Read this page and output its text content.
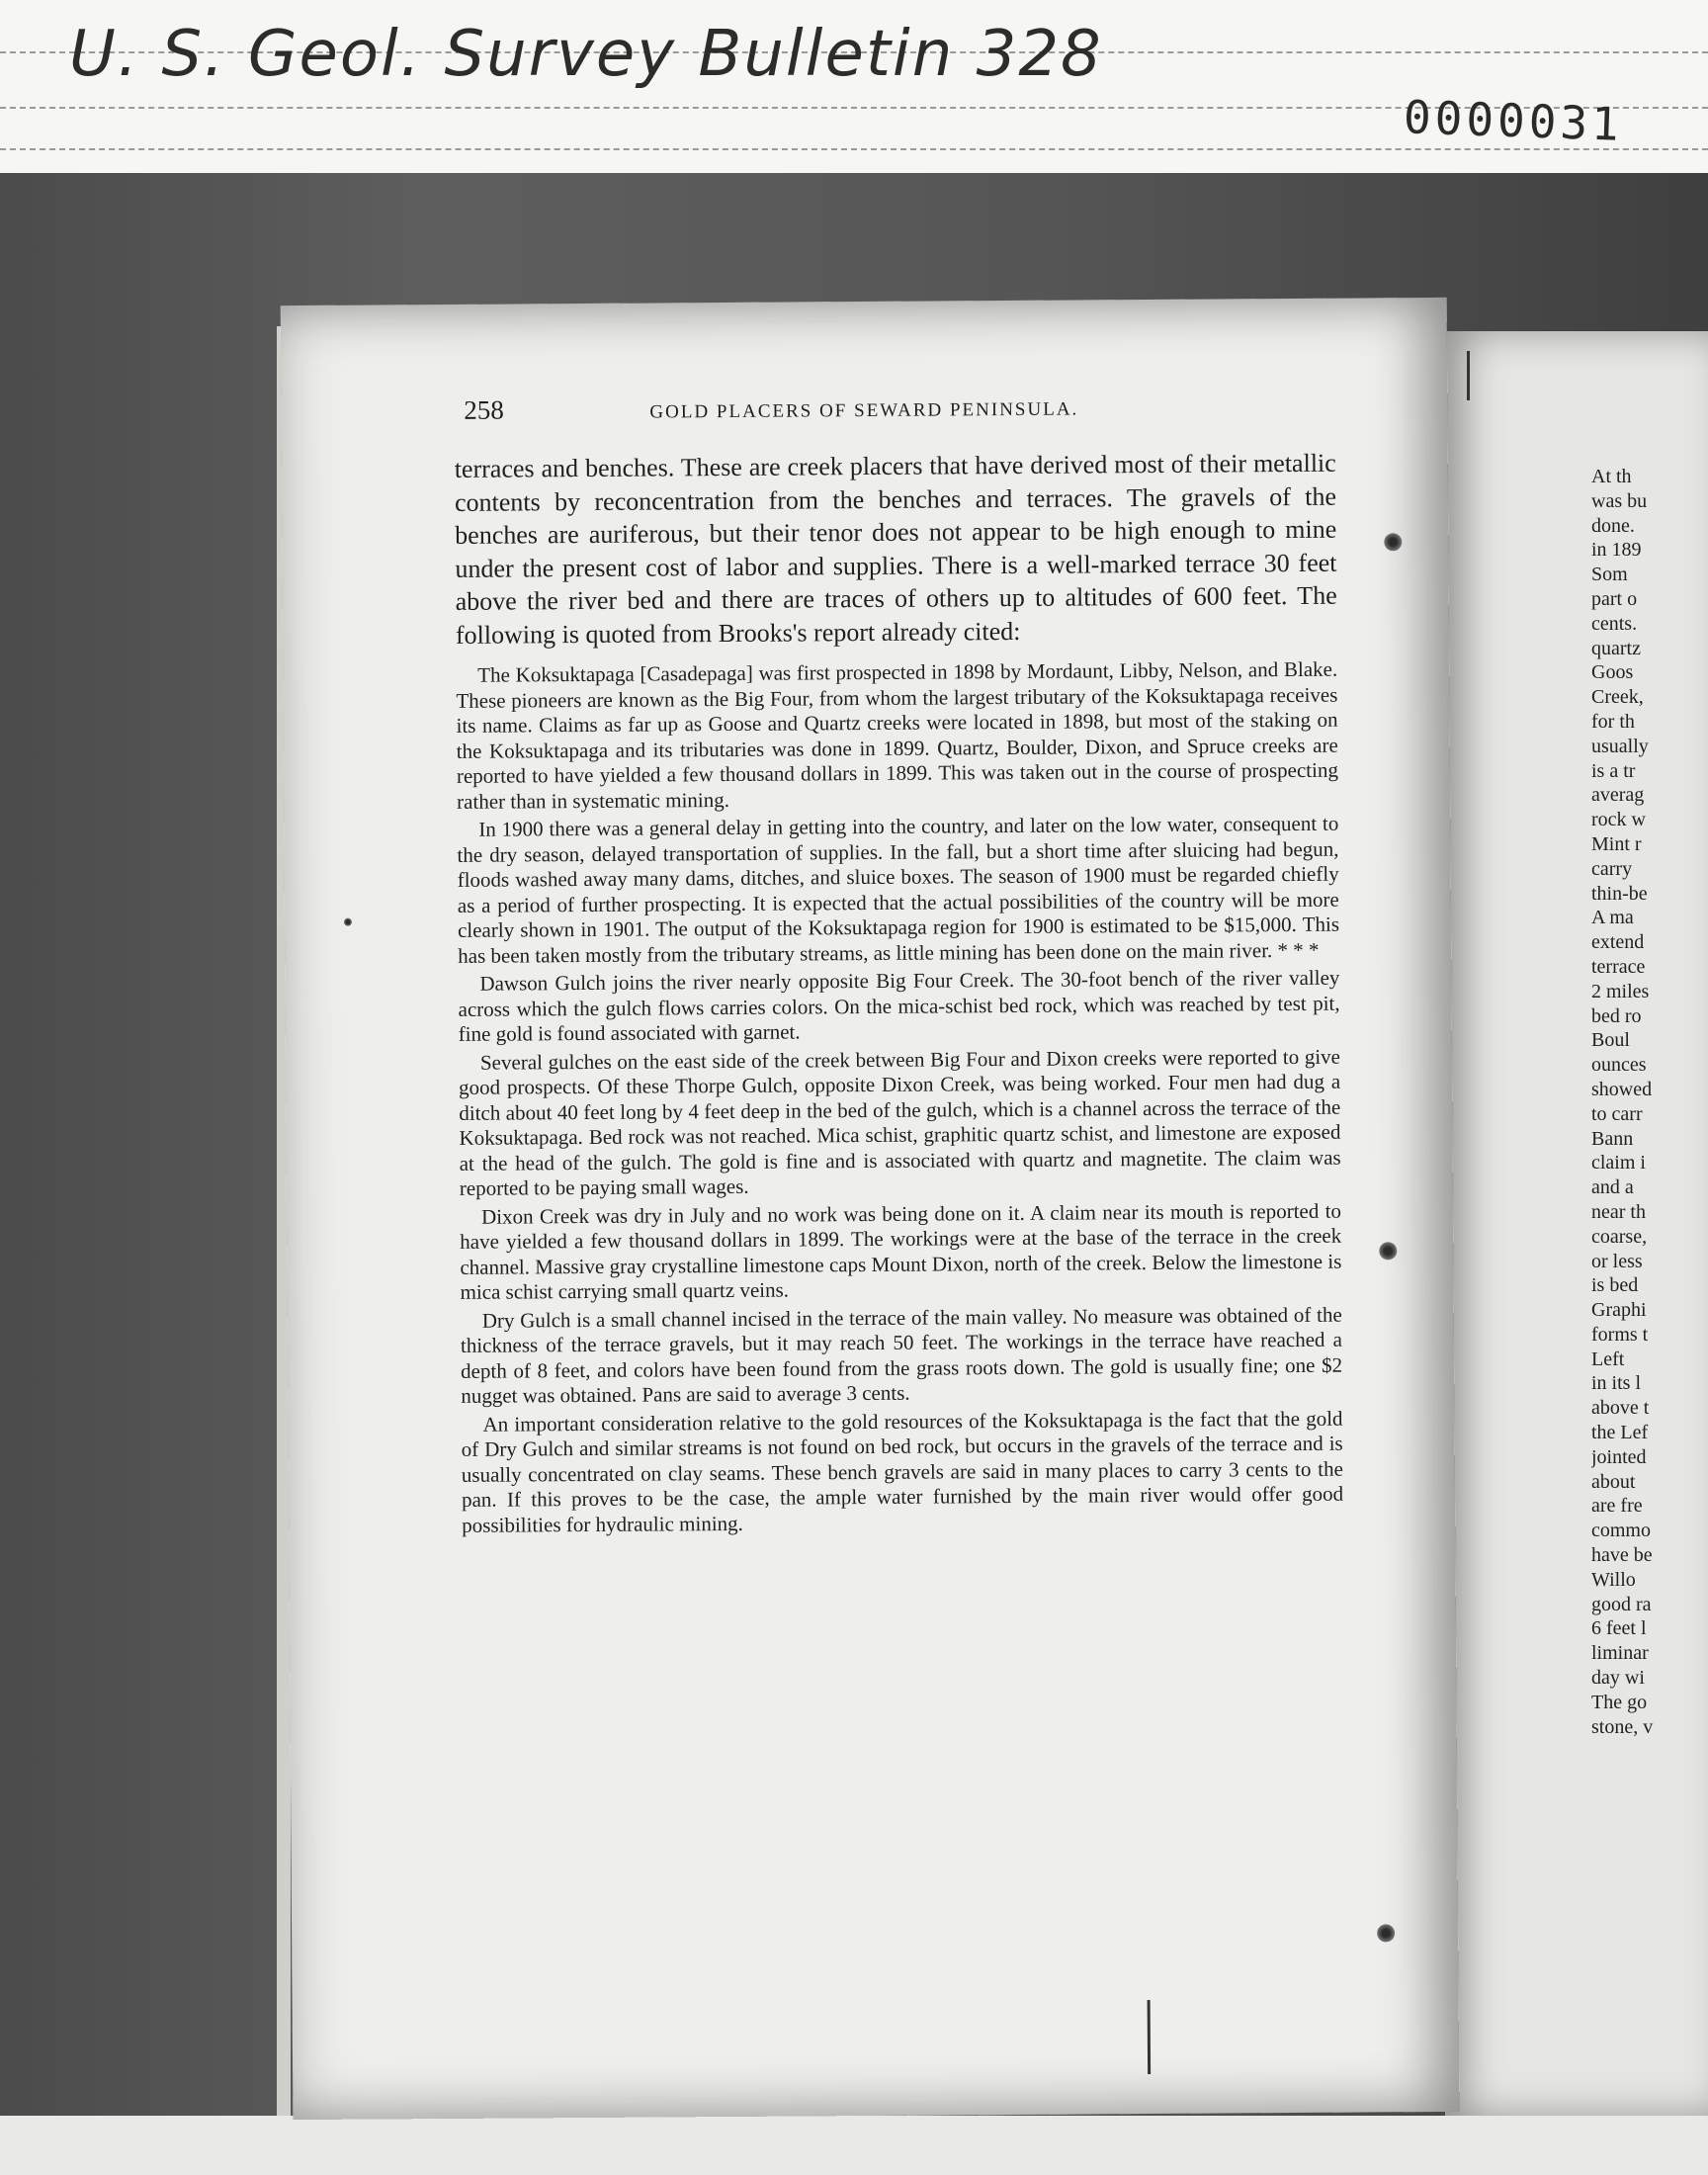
U. S. Geol. Survey Bulletin 328
0000031
At th
was bu
done.
in 189
Som
part o
cents.
quartz
Goos
Creek,
for th
usually
is a tr
averag
rock w
Mint r
carry
thin-be
A ma
extend
terrace
2 miles
bed ro
Boul
ounces
showed
to carr
Bann
claim i
and a
near th
coarse,
or less
is bed
Graphi
forms t
Left
in its l
above t
the Lef
jointed
about
are fre
commo
have be
Willo
good ra
6 feet l
liminar
day wi
The go
stone, v
258	GOLD PLACERS OF SEWARD PENINSULA.

terraces and benches. These are creek placers that have derived most of their metallic contents by reconcentration from the benches and terraces. The gravels of the benches are auriferous, but their tenor does not appear to be high enough to mine under the present cost of labor and supplies. There is a well-marked terrace 30 feet above the river bed and there are traces of others up to altitudes of 600 feet. The following is quoted from Brooks's report already cited:

The Koksuktapaga [Casadepaga] was first prospected in 1898 by Mordaunt, Libby, Nelson, and Blake. These pioneers are known as the Big Four, from whom the largest tributary of the Koksuktapaga receives its name. Claims as far up as Goose and Quartz creeks were located in 1898, but most of the staking on the Koksuktapaga and its tributaries was done in 1899. Quartz, Boulder, Dixon, and Spruce creeks are reported to have yielded a few thousand dollars in 1899. This was taken out in the course of prospecting rather than in systematic mining.

In 1900 there was a general delay in getting into the country, and later on the low water, consequent to the dry season, delayed transportation of supplies. In the fall, but a short time after sluicing had begun, floods washed away many dams, ditches, and sluice boxes. The season of 1900 must be regarded chiefly as a period of further prospecting. It is expected that the actual possibilities of the country will be more clearly shown in 1901. The output of the Koksuktapaga region for 1900 is estimated to be $15,000. This has been taken mostly from the tributary streams, as little mining has been done on the main river. * * *

Dawson Gulch joins the river nearly opposite Big Four Creek. The 30-foot bench of the river valley across which the gulch flows carries colors. On the mica-schist bed rock, which was reached by test pit, fine gold is found associated with garnet.

Several gulches on the east side of the creek between Big Four and Dixon creeks were reported to give good prospects. Of these Thorpe Gulch, opposite Dixon Creek, was being worked. Four men had dug a ditch about 40 feet long by 4 feet deep in the bed of the gulch, which is a channel across the terrace of the Koksuktapaga. Bed rock was not reached. Mica schist, graphitic quartz schist, and limestone are exposed at the head of the gulch. The gold is fine and is associated with quartz and magnetite. The claim was reported to be paying small wages.

Dixon Creek was dry in July and no work was being done on it. A claim near its mouth is reported to have yielded a few thousand dollars in 1899. The workings were at the base of the terrace in the creek channel. Massive gray crystalline limestone caps Mount Dixon, north of the creek. Below the limestone is mica schist carrying small quartz veins.

Dry Gulch is a small channel incised in the terrace of the main valley. No measure was obtained of the thickness of the terrace gravels, but it may reach 50 feet. The workings in the terrace have reached a depth of 8 feet, and colors have been found from the grass roots down. The gold is usually fine; one $2 nugget was obtained. Pans are said to average 3 cents.

An important consideration relative to the gold resources of the Koksuktapaga is the fact that the gold of Dry Gulch and similar streams is not found on bed rock, but occurs in the gravels of the terrace and is usually concentrated on clay seams. These bench gravels are said in many places to carry 3 cents to the pan. If this proves to be the case, the ample water furnished by the main river would offer good possibilities for hydraulic mining.
